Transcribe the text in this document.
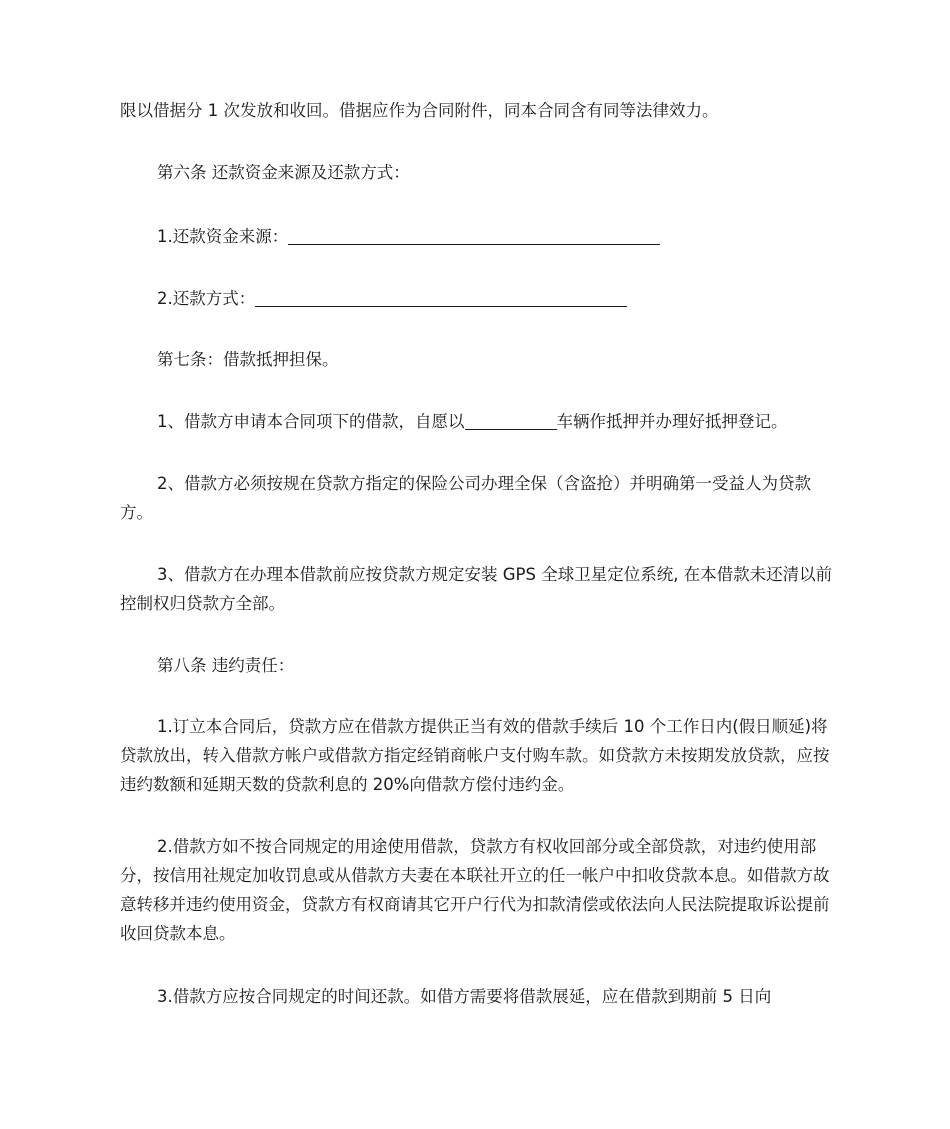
限以借据分 1 次发放和收回。借据应作为合同附件，同本合同含有同等法律效力。

第六条 还款资金来源及还款方式：

1.还款资金来源：

2.还款方式：

第七条：借款抵押担保。

1、借款方申请本合同项下的借款，自愿以	车辆作抵押并办理好抵押登记。

2、借款方必须按规在贷款方指定的保险公司办理全保（含盗抢）并明确第一受益人为贷款方。

3、借款方在办理本借款前应按贷款方规定安装 GPS 全球卫星定位系统, 在本借款未还清以前控制权归贷款方全部。

第八条 违约责任：

1.订立本合同后，贷款方应在借款方提供正当有效的借款手续后 10 个工作日内(假日顺延)将贷款放出，转入借款方帐户或借款方指定经销商帐户支付购车款。如贷款方未按期发放贷款，应按违约数额和延期天数的贷款利息的 20%向借款方偿付违约金。

2.借款方如不按合同规定的用途使用借款，贷款方有权收回部分或全部贷款，对违约使用部分，按信用社规定加收罚息或从借款方夫妻在本联社开立的任一帐户中扣收贷款本息。如借款方故意转移并违约使用资金，贷款方有权商请其它开户行代为扣款清偿或依法向人民法院提取诉讼提前收回贷款本息。

3.借款方应按合同规定的时间还款。如借方需要将借款展延，应在借款到期前 5 日向
